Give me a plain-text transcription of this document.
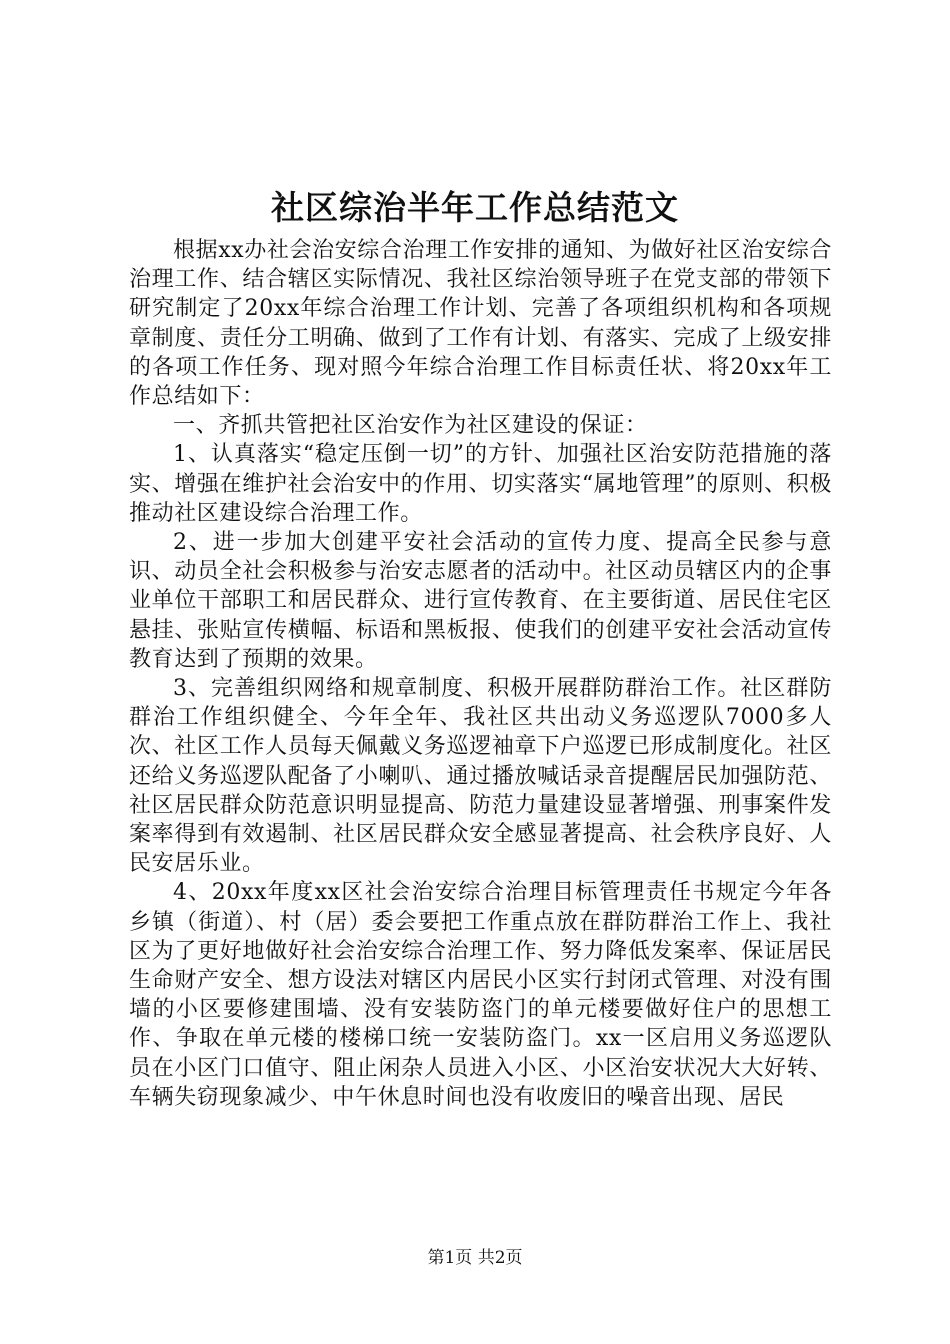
社区综治半年工作总结范文

根据xx办社会治安综合治理工作安排的通知、为做好社区治安综合治理工作、结合辖区实际情况、我社区综治领导班子在党支部的带领下研究制定了20xx年综合治理工作计划、完善了各项组织机构和各项规章制度、责任分工明确、做到了工作有计划、有落实、完成了上级安排的各项工作任务、现对照今年综合治理工作目标责任状、将20xx年工作总结如下：

一、齐抓共管把社区治安作为社区建设的保证：

1、认真落实“稳定压倒一切”的方针、加强社区治安防范措施的落实、增强在维护社会治安中的作用、切实落实“属地管理”的原则、积极推动社区建设综合治理工作。

2、进一步加大创建平安社会活动的宣传力度、提高全民参与意识、动员全社会积极参与治安志愿者的活动中。社区动员辖区内的企事业单位干部职工和居民群众、进行宣传教育、在主要街道、居民住宅区悬挂、张贴宣传横幅、标语和黑板报、使我们的创建平安社会活动宣传教育达到了预期的效果。

3、完善组织网络和规章制度、积极开展群防群治工作。社区群防群治工作组织健全、今年全年、我社区共出动义务巡逻队7000多人次、社区工作人员每天佩戴义务巡逻袖章下户巡逻已形成制度化。社区还给义务巡逻队配备了小喇叭、通过播放喊话录音提醒居民加强防范、社区居民群众防范意识明显提高、防范力量建设显著增强、刑事案件发案率得到有效遏制、社区居民群众安全感显著提高、社会秩序良好、人民安居乐业。

4、20xx年度xx区社会治安综合治理目标管理责任书规定今年各乡镇（街道）、村（居）委会要把工作重点放在群防群治工作上、我社区为了更好地做好社会治安综合治理工作、努力降低发案率、保证居民生命财产安全、想方设法对辖区内居民小区实行封闭式管理、对没有围墙的小区要修建围墙、没有安装防盗门的单元楼要做好住户的思想工作、争取在单元楼的楼梯口统一安装防盗门。xx一区启用义务巡逻队员在小区门口值守、阻止闲杂人员进入小区、小区治安状况大大好转、车辆失窃现象减少、中午休息时间也没有收废旧的噪音出现、居民

第1页 共2页
